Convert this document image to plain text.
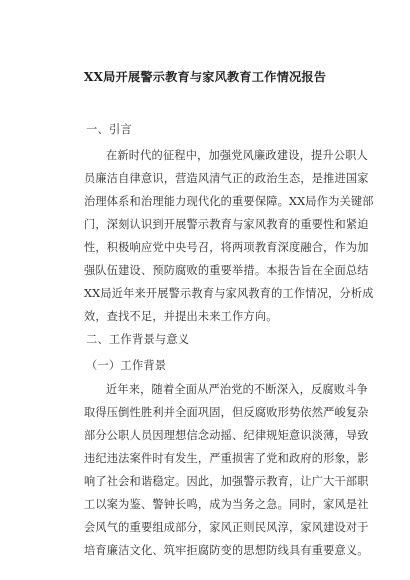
XX局开展警示教育与家风教育工作情况报告
一、引言
在新时代的征程中，加强党风廉政建设，提升公职人
员廉洁自律意识，营造风清气正的政治生态，是推进国家
治理体系和治理能力现代化的重要保障。XX局作为关键部
门，深刻认识到开展警示教育与家风教育的重要性和紧迫
性，积极响应党中央号召，将两项教育深度融合，作为加
强队伍建设、预防腐败的重要举措。本报告旨在全面总结
XX局近年来开展警示教育与家风教育的工作情况，分析成
效，查找不足，并提出未来工作方向。
二、工作背景与意义
（一）工作背景
近年来，随着全面从严治党的不断深入，反腐败斗争
取得压倒性胜利并全面巩固，但反腐败形势依然严峻复杂
部分公职人员因理想信念动摇、纪律规矩意识淡薄，导致
违纪违法案件时有发生，严重损害了党和政府的形象，影
响了社会和谐稳定。因此，加强警示教育，让广大干部职
工以案为鉴、警钟长鸣，成为当务之急。同时，家风是社
会风气的重要组成部分，家风正则民风淳，家风建设对于
培育廉洁文化、筑牢拒腐防变的思想防线具有重要意义。
